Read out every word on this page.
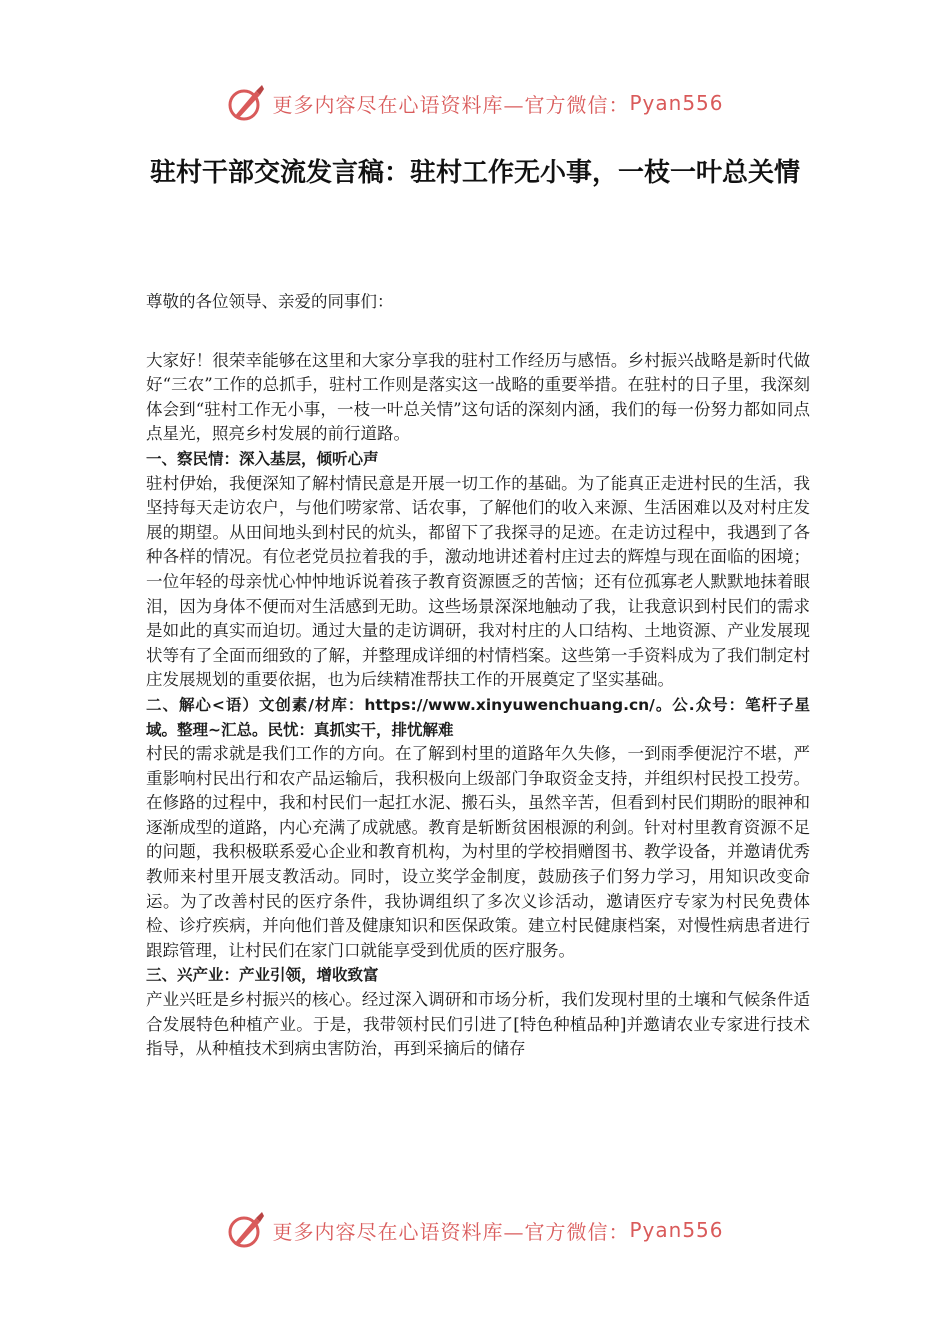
更多内容尽在心语资料库—官方微信： Pyan556
驻村干部交流发言稿：驻村工作无小事，一枝一叶总关情

尊敬的各位领导、亲爱的同事们：

大家好！很荣幸能够在这里和大家分享我的驻村工作经历与感悟。乡村振兴战略是新时代做好“三农”工作的总抓手，驻村工作则是落实这一战略的重要举措。在驻村的日子里，我深刻体会到“驻村工作无小事，一枝一叶总关情”这句话的深刻内涵，我们的每一份努力都如同点点星光，照亮乡村发展的前行道路。

一、察民情：深入基层，倾听心声

驻村伊始，我便深知了解村情民意是开展一切工作的基础。为了能真正走进村民的生活，我坚持每天走访农户，与他们唠家常、话农事，了解他们的收入来源、生活困难以及对村庄发展的期望。从田间地头到村民的炕头，都留下了我探寻的足迹。在走访过程中，我遇到了各种各样的情况。有位老党员拉着我的手，激动地讲述着村庄过去的辉煌与现在面临的困境；一位年轻的母亲忧心忡忡地诉说着孩子教育资源匮乏的苦恼；还有位孤寡老人默默地抹着眼泪，因为身体不便而对生活感到无助。这些场景深深地触动了我，让我意识到村民们的需求是如此的真实而迫切。通过大量的走访调研，我对村庄的人口结构、土地资源、产业发展现状等有了全面而细致的了解，并整理成详细的村情档案。这些第一手资料成为了我们制定村庄发展规划的重要依据，也为后续精准帮扶工作的开展奠定了坚实基础。

二、解心<语）文创素/材库：https://www.xinyuwenchuang.cn/。公.众号：笔杆子星域。整理~汇总。民忧：真抓实干，排忧解难

村民的需求就是我们工作的方向。在了解到村里的道路年久失修，一到雨季便泥泞不堪，严重影响村民出行和农产品运输后，我积极向上级部门争取资金支持，并组织村民投工投劳。在修路的过程中，我和村民们一起扛水泥、搬石头，虽然辛苦，但看到村民们期盼的眼神和逐渐成型的道路，内心充满了成就感。教育是斩断贫困根源的利剑。针对村里教育资源不足的问题，我积极联系爱心企业和教育机构，为村里的学校捐赠图书、教学设备，并邀请优秀教师来村里开展支教活动。同时，设立奖学金制度，鼓励孩子们努力学习，用知识改变命运。为了改善村民的医疗条件，我协调组织了多次义诊活动，邀请医疗专家为村民免费体检、诊疗疾病，并向他们普及健康知识和医保政策。建立村民健康档案，对慢性病患者进行跟踪管理，让村民们在家门口就能享受到优质的医疗服务。

三、兴产业：产业引领，增收致富

产业兴旺是乡村振兴的核心。经过深入调研和市场分析，我们发现村里的土壤和气候条件适合发展特色种植产业。于是，我带领村民们引进了[特色种植品种]并邀请农业专家进行技术指导，从种植技术到病虫害防治，再到采摘后的储存

更多内容尽在心语资料库—官方微信： Pyan556
